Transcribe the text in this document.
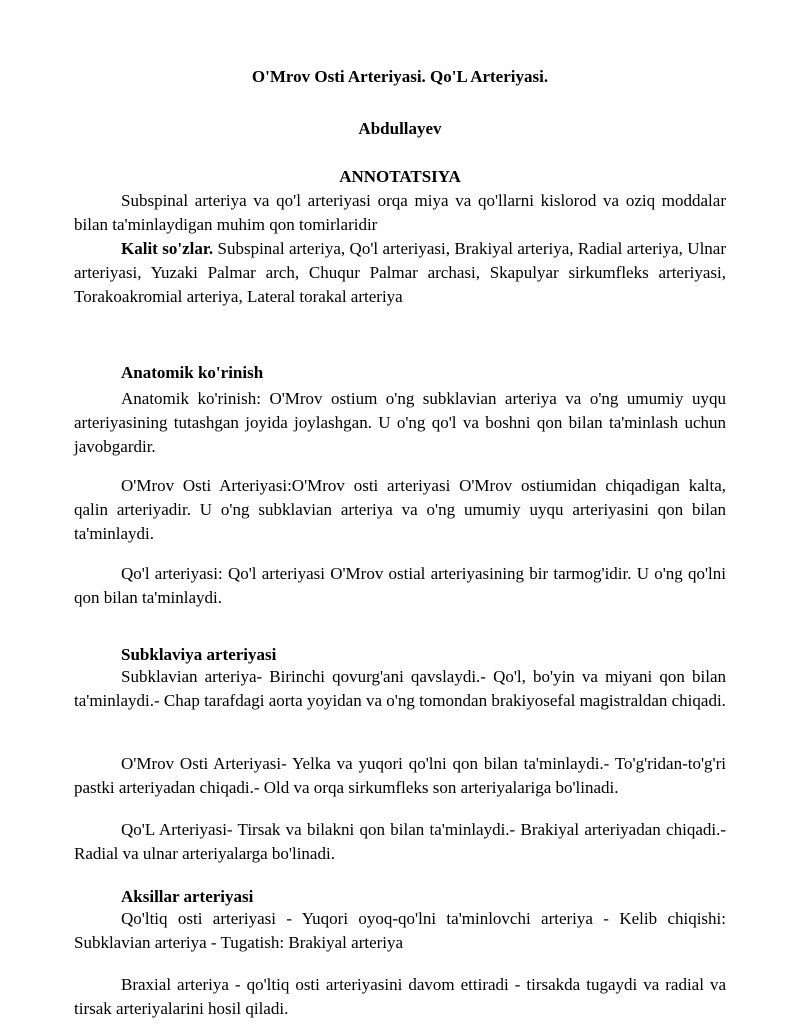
O'Mrov Osti Arteriyasi. Qo'L Arteriyasi.
Abdullayev
ANNOTATSIYA

Subspinal arteriya va qo'l arteriyasi orqa miya va qo'llarni kislorod va oziq moddalar bilan ta'minlaydigan muhim qon tomirlaridir

Kalit so'zlar. Subspinal arteriya, Qo'l arteriyasi, Brakiyal arteriya, Radial arteriya, Ulnar arteriyasi, Yuzaki Palmar arch, Chuqur Palmar archasi, Skapulyar sirkumfleks arteriyasi, Torakoakromial arteriya, Lateral torakal arteriya

Anatomik ko'rinish

Anatomik ko'rinish: O'Mrov ostium o'ng subklavian arteriya va o'ng umumiy uyqu arteriyasining tutashgan joyida joylashgan. U o'ng qo'l va boshni qon bilan ta'minlash uchun javobgardir.

O'Mrov Osti Arteriyasi:O'Mrov osti arteriyasi O'Mrov ostiumidan chiqadigan kalta, qalin arteriyadir. U o'ng subklavian arteriya va o'ng umumiy uyqu arteriyasini qon bilan ta'minlaydi.

Qo'l arteriyasi: Qo'l arteriyasi O'Mrov ostial arteriyasining bir tarmog'idir. U o'ng qo'lni qon bilan ta'minlaydi.

Subklaviya arteriyasi

Subklavian arteriya- Birinchi qovurg'ani qavslaydi.- Qo'l, bo'yin va miyani qon bilan ta'minlaydi.- Chap tarafdagi aorta yoyidan va o'ng tomondan brakiyosefal magistraldan chiqadi.

O'Mrov Osti Arteriyasi- Yelka va yuqori qo'lni qon bilan ta'minlaydi.- To'g'ridan-to'g'ri pastki arteriyadan chiqadi.- Old va orqa sirkumfleks son arteriyalariga bo'linadi.

Qo'L Arteriyasi- Tirsak va bilakni qon bilan ta'minlaydi.- Brakiyal arteriyadan chiqadi.- Radial va ulnar arteriyalarga bo'linadi.

Aksillar arteriyasi

Qo'ltiq osti arteriyasi - Yuqori oyoq-qo'lni ta'minlovchi arteriya - Kelib chiqishi: Subklavian arteriya - Tugatish: Brakiyal arteriya

Braxial arteriya - qo'ltiq osti arteriyasini davom ettiradi - tirsakda tugaydi va radial va tirsak arteriyalarini hosil qiladi.
